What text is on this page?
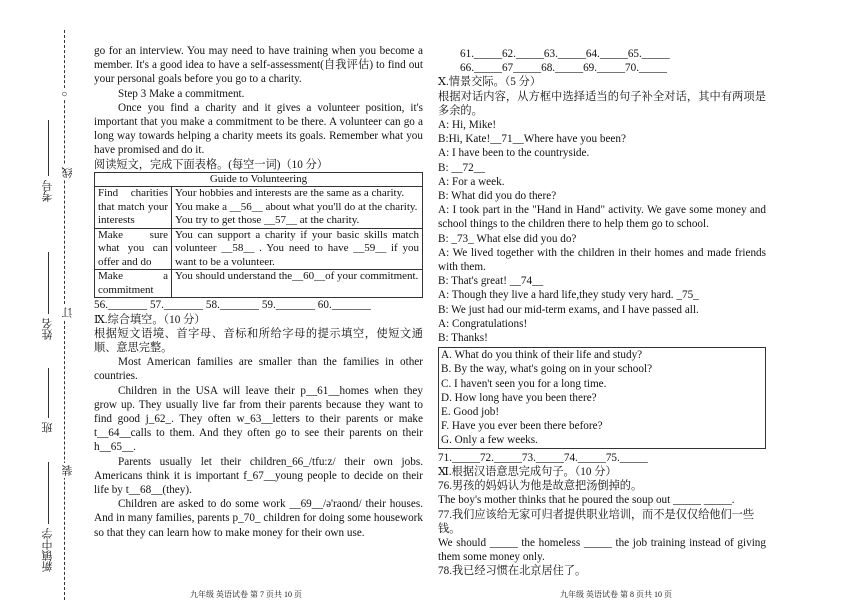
考号
姓名
班
新镇中学
线
订
装
○

go for an interview. You may need to have training when you become a member. It's a good idea to have a self-assessment(自我评估) to find out your personal goals before you go to a charity.

Step 3 Make a commitment.

Once you find a charity and it gives a volunteer position, it's important that you make a commitment to be there. A volunteer can go a long way towards helping a charity meets its goals. Remember what you have promised and do it.

阅读短文，完成下面表格。(每空一词)（10 分）

Guide to Volunteering	
Find charities that match your interests	Your hobbies and interests are the same as a charity.
You make a __56__ about what you'll do at the charity.
You try to get those __57__ at the charity.

Make sure what you can offer and do	You can support a charity if your basic skills match volunteer __58__ . You need to have __59__ if you want to be a volunteer.

Make a commitment	You should understand the__60__of your commitment.

56._______ 57._______ 58._______ 59._______ 60._______

Ⅸ.综合填空。（10 分）

根据短文语境、首字母、音标和所给字母的提示填空，使短文通顺、意思完整。

Most American families are smaller than the families in other countries.

Children in the USA will leave their p__61__homes when they grow up. They usually live far from their parents because they want to find good j_62_. They often w_63__letters to their parents or make t__64__calls to them. And they often go to see their parents on their h__65__.

Parents usually let their children_66_/tfu:z/ their own jobs. Americans think it is important f_67__young people to decide on their life by t__68__(they).

Children are asked to do some work __69__/ə'raond/ their houses. And in many families, parents p_70_ children for doing some housework so that they can learn how to make money for their own use.

九年级 英语试卷 第 7 页共 10 页

61._____62._____63._____64._____65._____

66._____67_____68._____69._____70._____

Ⅹ.情景交际。（5 分）

根据对话内容，从方框中选择适当的句子补全对话，其中有两项是多余的。

A: Hi, Mike!

B:Hi, Kate!__71__Where have you been?

A: I have been to the countryside.

B: __72__

A: For a week.

B: What did you do there?

A: I took part in the "Hand in Hand" activity. We gave some money and school things to the children there to help them go to school.

B: _73_ What else did you do?

A: We lived together with the children in their homes and made friends with them.

B: That's great! __74__

A: Though they live a hard life,they study very hard. _75_

B: We just had our mid-term exams, and I have passed all.

A: Congratulations!

B: Thanks!

A. What do you think of their life and study?

B. By the way, what's going on in your school?

C. I haven't seen you for a long time.

D. How long have you been there?

E. Good job!

F. Have you ever been there before?

G. Only a few weeks.

71._____72._____73._____74._____75._____

Ⅺ.根据汉语意思完成句子。（10 分）

76.男孩的妈妈认为他是故意把汤倒掉的。

The boy's mother thinks that he poured the soup out _____ _____.

77.我们应该给无家可归者提供职业培训，而不是仅仅给他们一些钱。

We should _____ the homeless _____ the job training instead of giving them some money only.

78.我已经习惯在北京居住了。

九年级 英语试卷 第 8 页共 10 页
